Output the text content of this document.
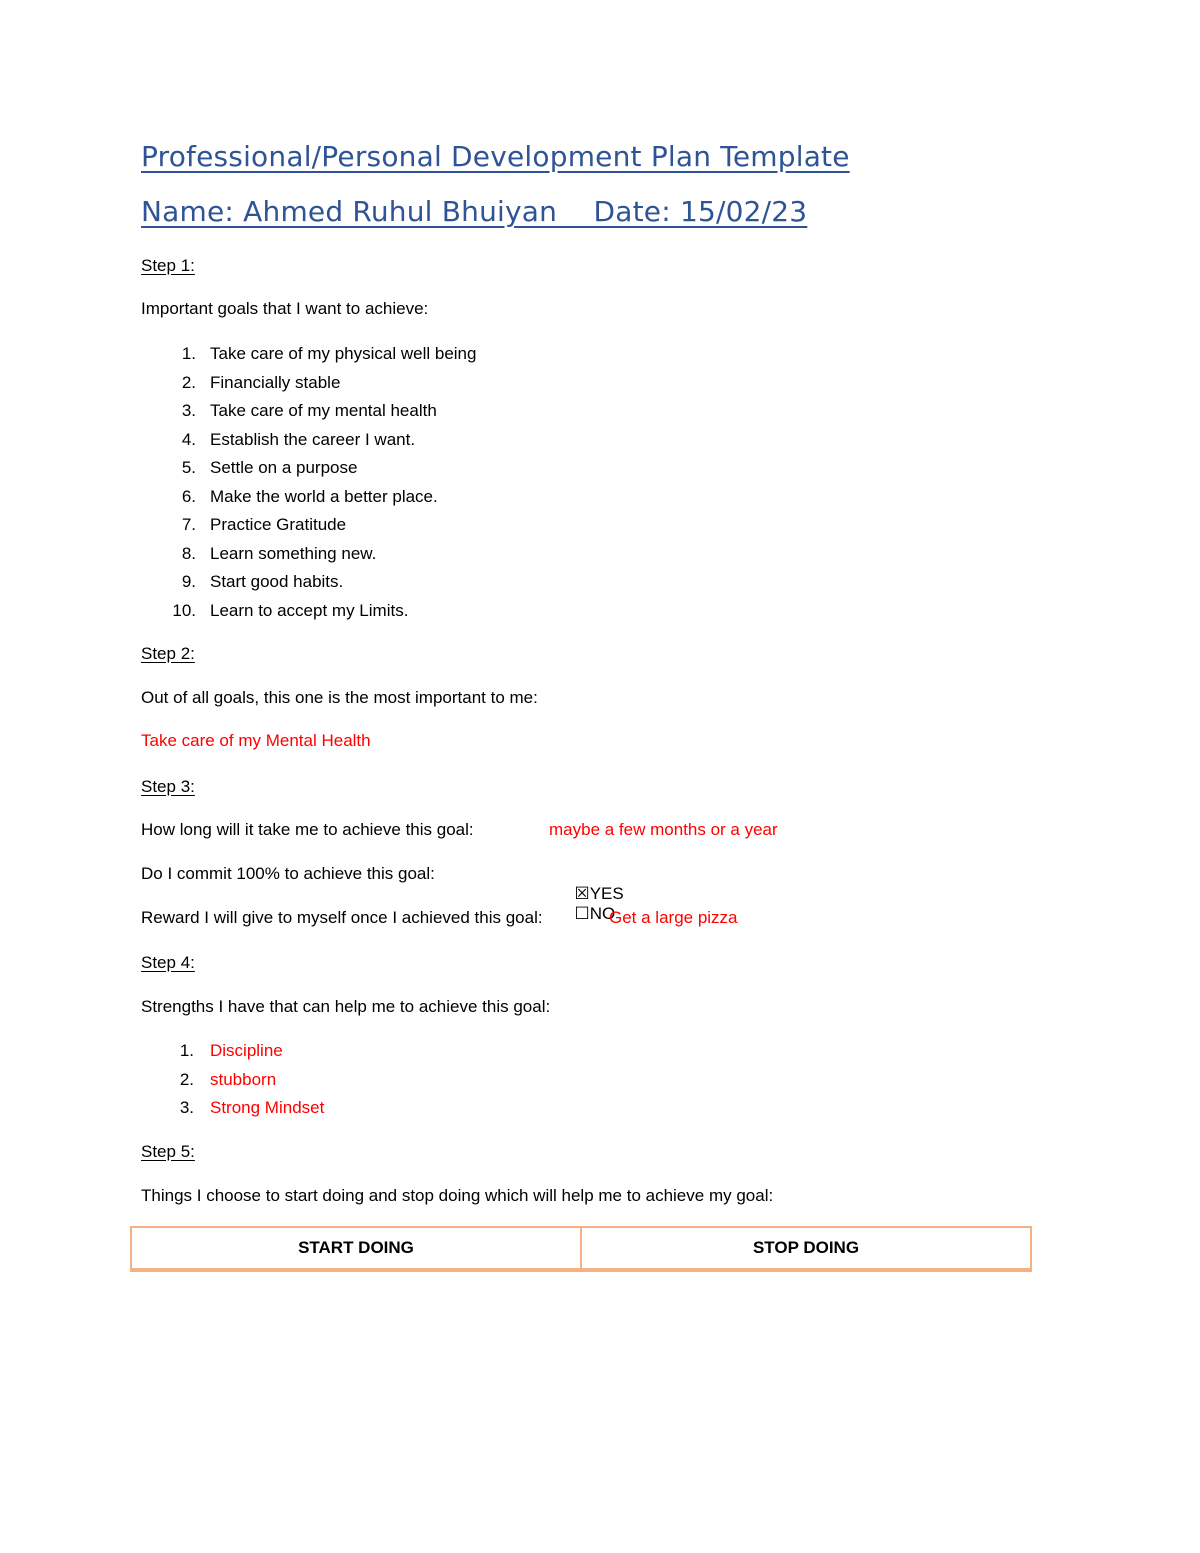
Professional/Personal Development Plan Template
Name: Ahmed Ruhul Bhuiyan    Date: 15/02/23
Step 1:
Important goals that I want to achieve:
1. Take care of my physical well being
2. Financially stable
3. Take care of my mental health
4. Establish the career I want.
5. Settle on a purpose
6. Make the world a better place.
7. Practice Gratitude
8. Learn something new.
9. Start good habits.
10. Learn to accept my Limits.
Step 2:
Out of all goals, this one is the most important to me:
Take care of my Mental Health
Step 3:
How long will it take me to achieve this goal:	maybe a few months or a year
Do I commit 100% to achieve this goal:

☒YES
☐NO

Reward I will give to myself once I achieved this goal:	Get a large pizza
Step 4:
Strengths I have that can help me to achieve this goal:
1. Discipline
2. stubborn
3. Strong Mindset
Step 5:
Things I choose to start doing and stop doing which will help me to achieve my goal:
START DOING	STOP DOING
